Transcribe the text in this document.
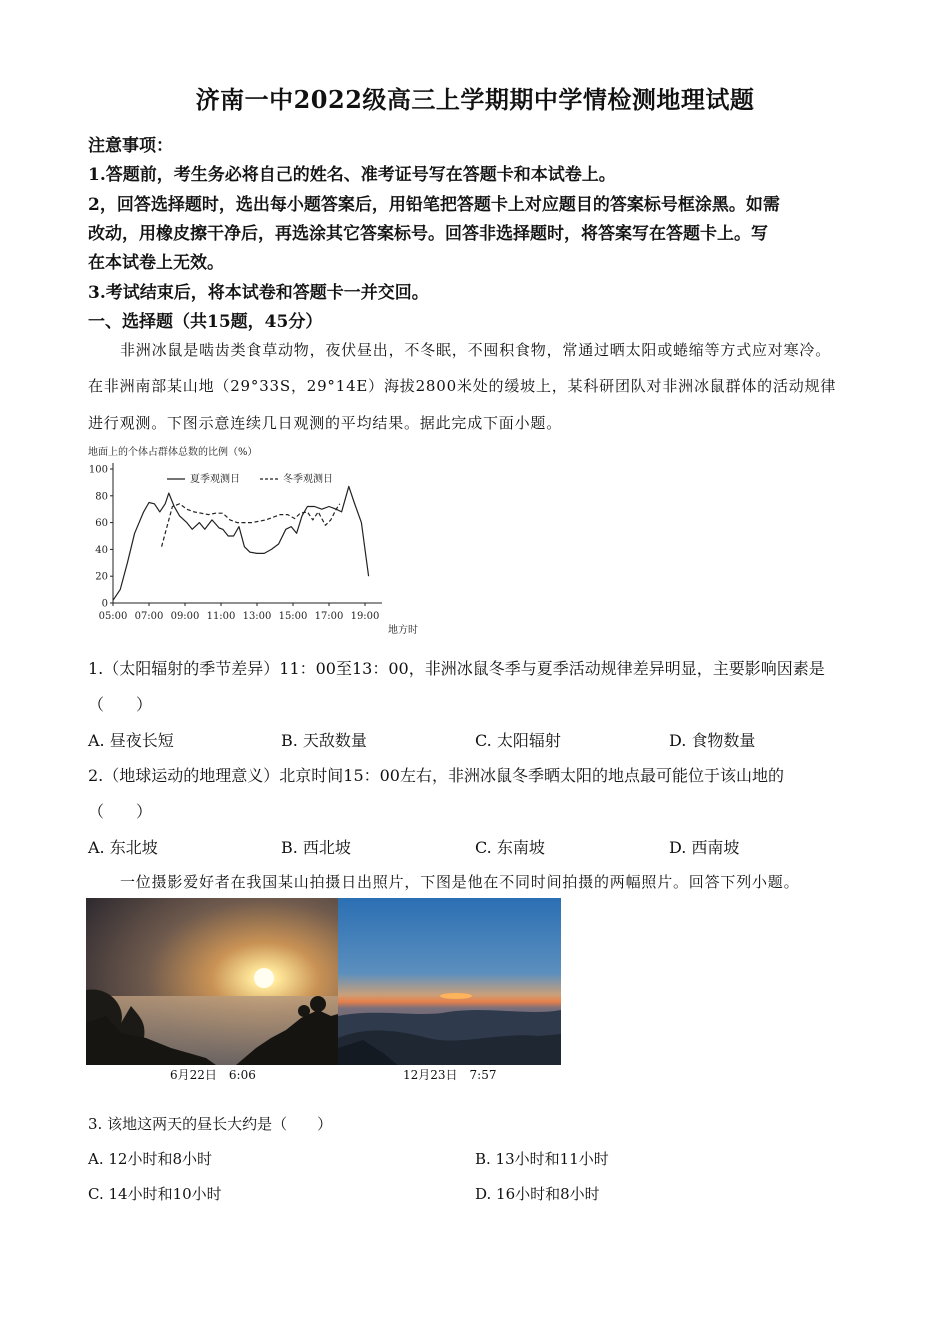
济南一中2022级高三上学期期中学情检测地理试题
注意事项：
1.答题前，考生务必将自己的姓名、准考证号写在答题卡和本试卷上。
2，回答选择题时，选出每小题答案后，用铅笔把答题卡上对应题目的答案标号框涂黑。如需
改动，用橡皮擦干净后，再选涂其它答案标号。回答非选择题时，将答案写在答题卡上。写
在本试卷上无效。
3.考试结束后，将本试卷和答题卡一并交回。
一、选择题（共15题，45分）
非洲冰鼠是啮齿类食草动物，夜伏昼出，不冬眠，不囤积食物，常通过晒太阳或蜷缩等方式应对寒冷。
在非洲南部某山地（29°33S，29°14E）海拔2800米处的缓坡上，某科研团队对非洲冰鼠群体的活动规律
进行观测。下图示意连续几日观测的平均结果。据此完成下面小题。
地面上的个体占群体总数的比例（%）
0
20
40
60
80
100
05:00 07:00 09:00 11:00 13:00 15:00 17:00 19:00
夏季观测日	冬季观测日
地方时
1.（太阳辐射的季节差异）11：00至13：00，非洲冰鼠冬季与夏季活动规律差异明显，主要影响因素是
（　　）
A. 昼夜长短	B. 天敌数量	C. 太阳辐射	D. 食物数量
2.（地球运动的地理意义）北京时间15：00左右，非洲冰鼠冬季晒太阳的地点最可能位于该山地的
（　　）
A. 东北坡	B. 西北坡	C. 东南坡	D. 西南坡
一位摄影爱好者在我国某山拍摄日出照片，下图是他在不同时间拍摄的两幅照片。回答下列小题。
6月22日　6:06	12月23日　7:57
3. 该地这两天的昼长大约是（　　）
A. 12小时和8小时	B. 13小时和11小时
C. 14小时和10小时	D. 16小时和8小时
